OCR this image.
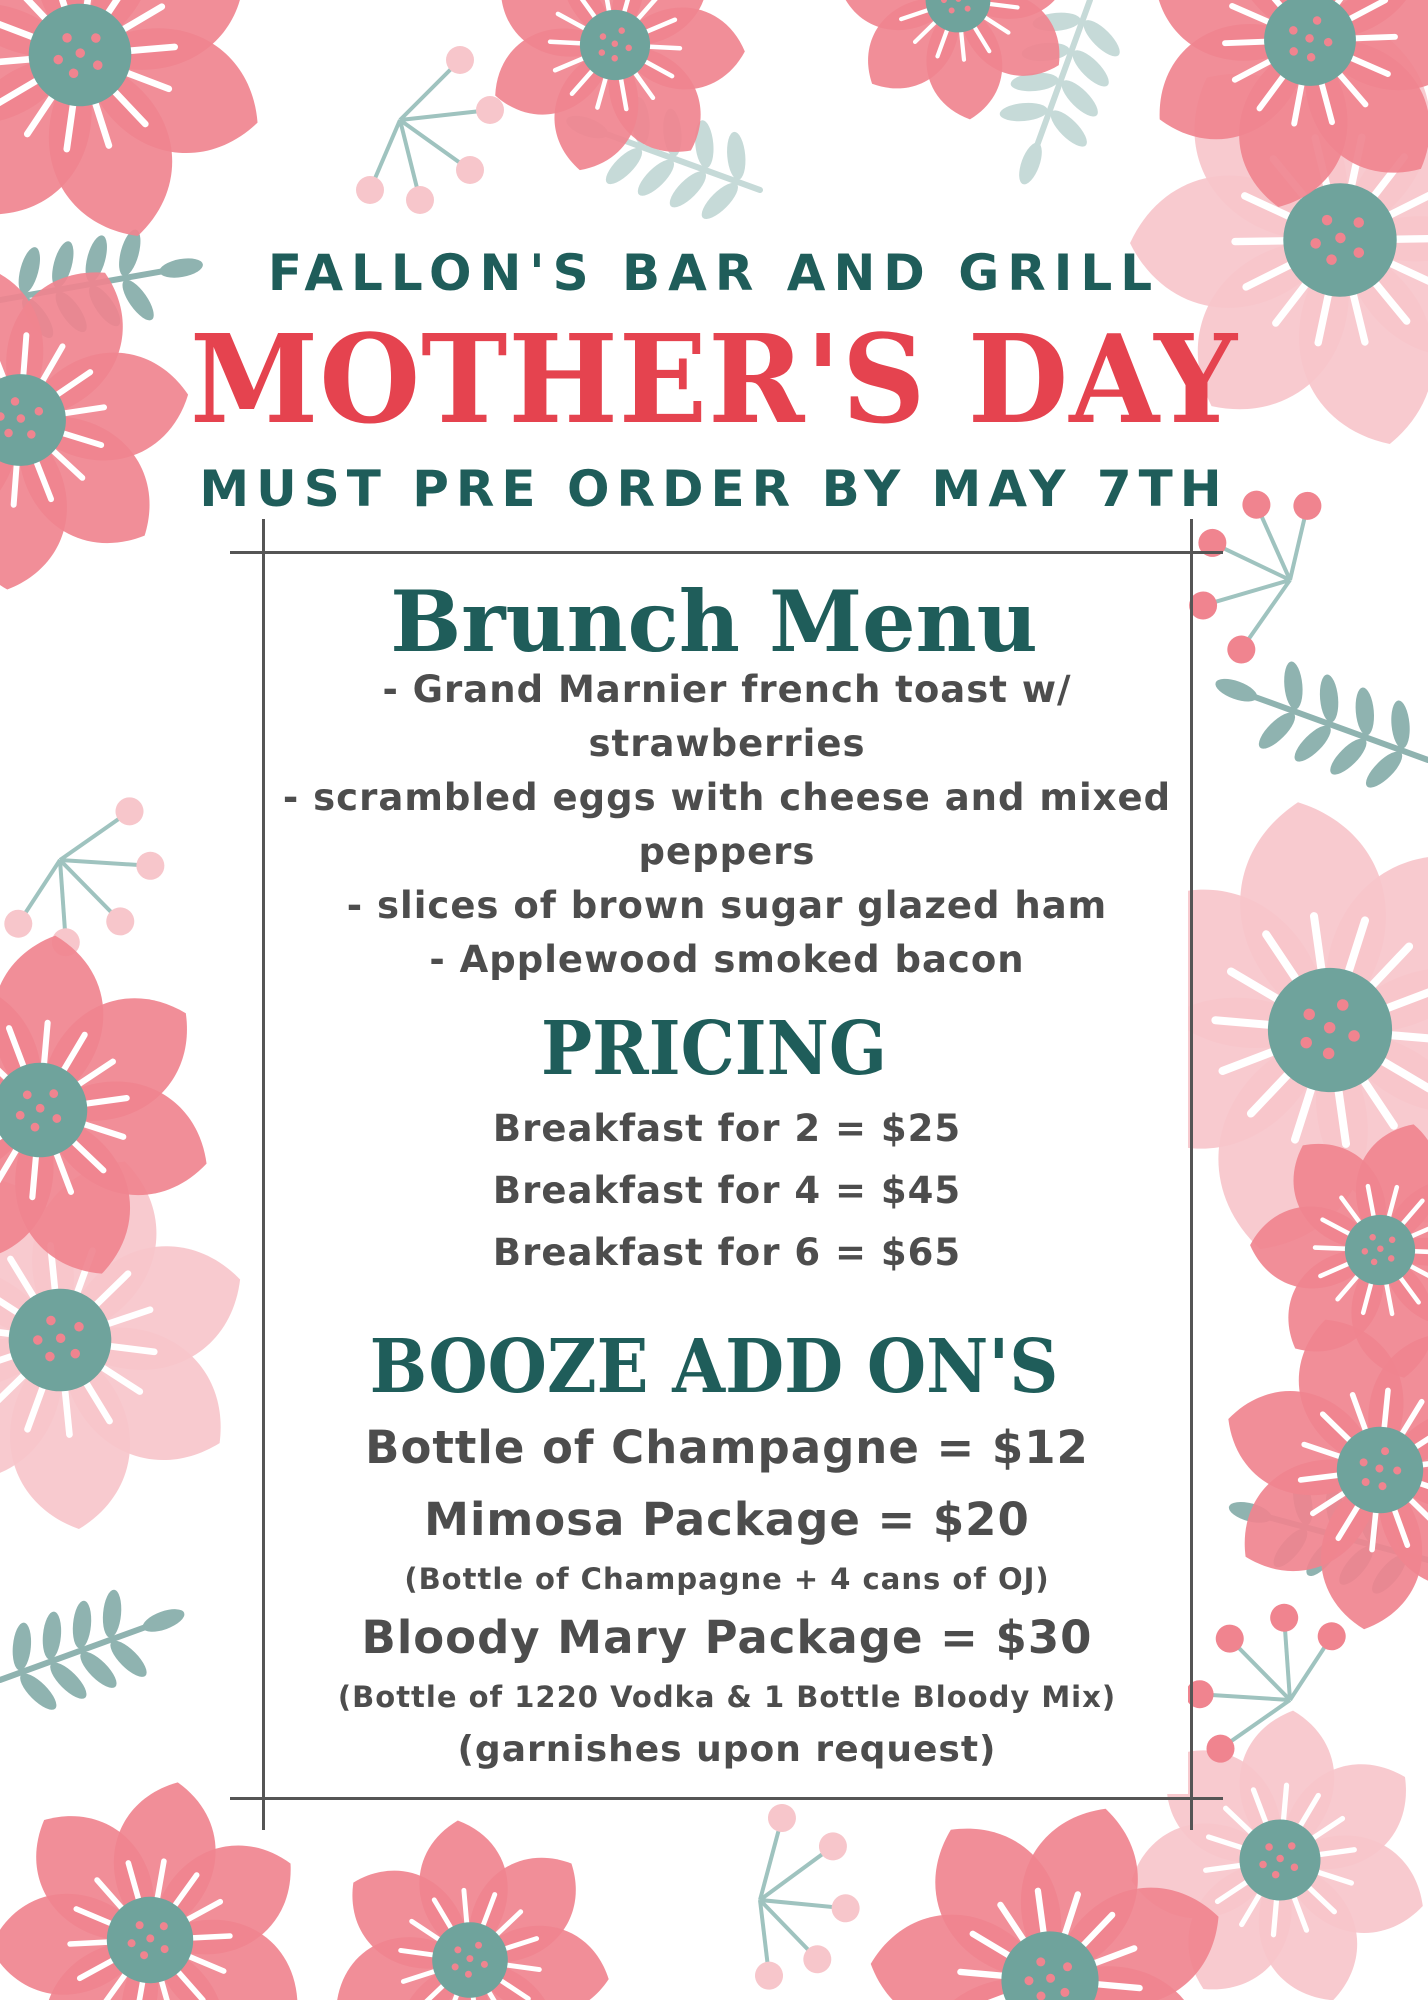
FALLON'S BAR AND GRILL
MOTHER'S DAY
MUST PRE ORDER BY MAY 7TH
Brunch Menu
- Grand Marnier french toast w/
strawberries
- scrambled eggs with cheese and mixed
peppers
- slices of brown sugar glazed ham
- Applewood smoked bacon
PRICING
Breakfast for 2 = $25
Breakfast for 4 = $45
Breakfast for 6 = $65
BOOZE ADD ON'S
Bottle of Champagne = $12
Mimosa Package = $20
(Bottle of Champagne + 4 cans of OJ)
Bloody Mary Package = $30
(Bottle of 1220 Vodka & 1 Bottle Bloody Mix)
(garnishes upon request)
